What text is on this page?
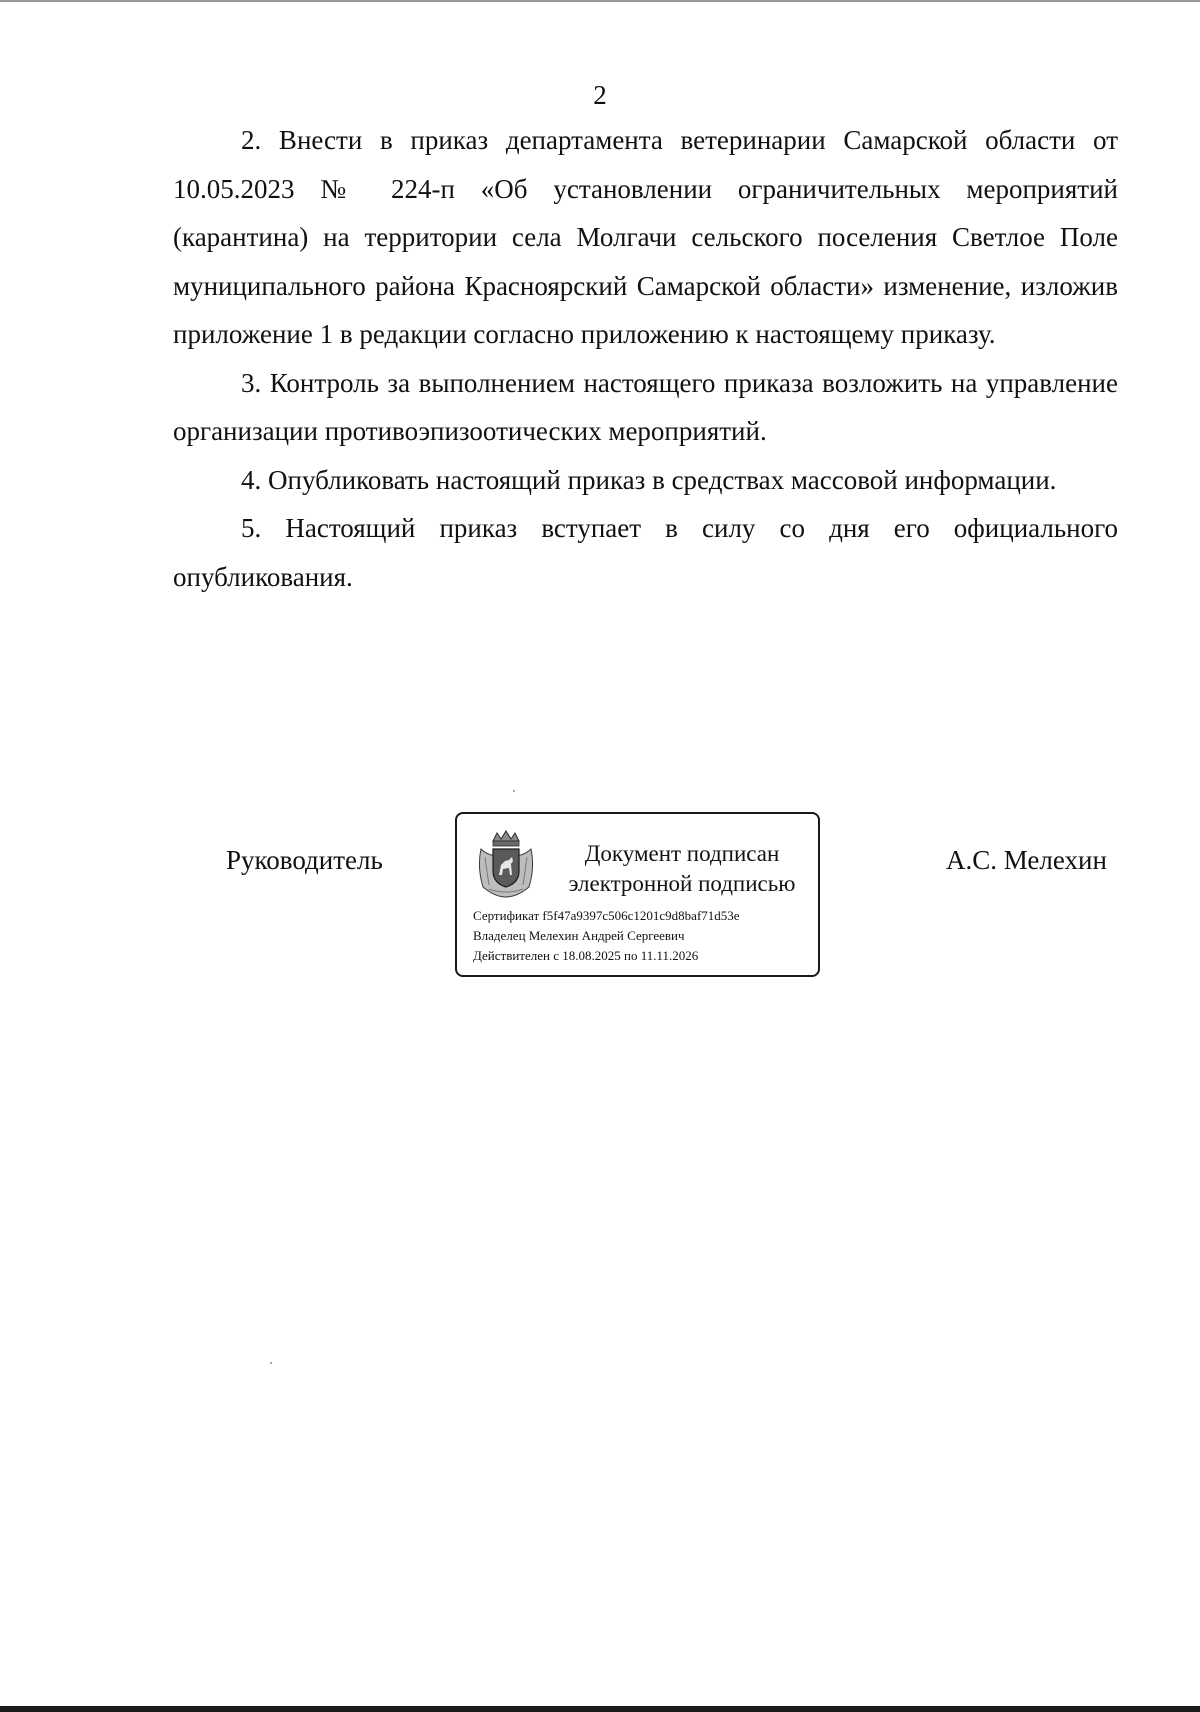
2

2. Внести в приказ департамента ветеринарии Самарской области от 10.05.2023 № 224-п «Об установлении ограничительных мероприятий (карантина) на территории села Молгачи сельского поселения Светлое Поле муниципального района Красноярский Самарской области» изменение, изложив приложение 1 в редакции согласно приложению к настоящему приказу.

3. Контроль за выполнением настоящего приказа возложить на управление организации противоэпизоотических мероприятий.

4. Опубликовать настоящий приказ в средствах массовой информации.

5. Настоящий приказ вступает в силу со дня его официального опубликования.

Руководитель	Документ подписан
электронной подписью
Сертификат f5f47a9397c506c1201c9d8baf71d53e
Владелец Мелехин Андрей Сергеевич
Действителен с 18.08.2025 по 11.11.2026
А.С. Мелехин
